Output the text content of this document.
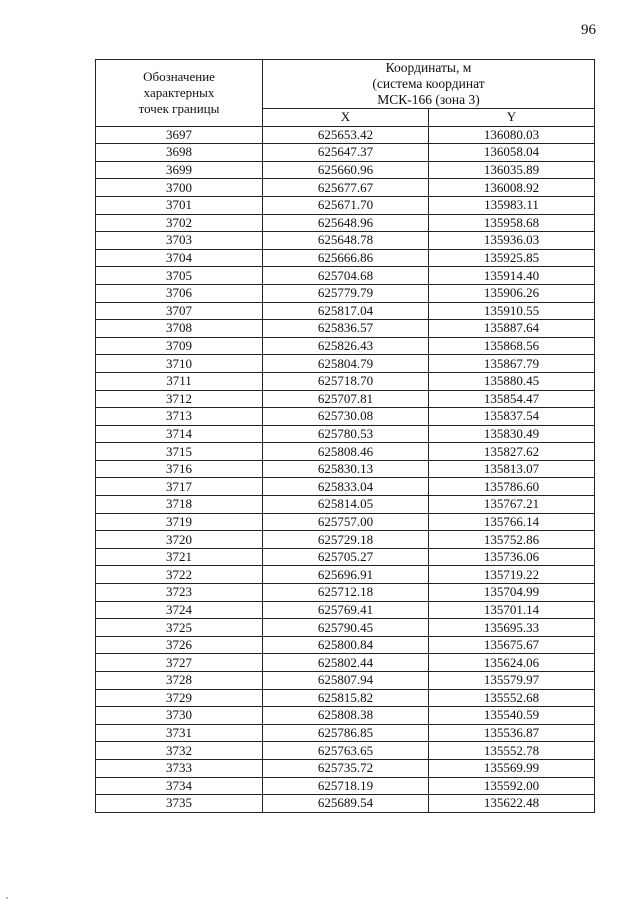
96
Обозначение
характерных
точек границы	Координаты, м
(система координат
МСК-166 (зона 3)	

	X	Y
3697	625653.42	136080.03
3698	625647.37	136058.04
3699	625660.96	136035.89
3700	625677.67	136008.92
3701	625671.70	135983.11
3702	625648.96	135958.68
3703	625648.78	135936.03
3704	625666.86	135925.85
3705	625704.68	135914.40
3706	625779.79	135906.26
3707	625817.04	135910.55
3708	625836.57	135887.64
3709	625826.43	135868.56
3710	625804.79	135867.79
3711	625718.70	135880.45
3712	625707.81	135854.47
3713	625730.08	135837.54
3714	625780.53	135830.49
3715	625808.46	135827.62
3716	625830.13	135813.07
3717	625833.04	135786.60
3718	625814.05	135767.21
3719	625757.00	135766.14
3720	625729.18	135752.86
3721	625705.27	135736.06
3722	625696.91	135719.22
3723	625712.18	135704.99
3724	625769.41	135701.14
3725	625790.45	135695.33
3726	625800.84	135675.67
3727	625802.44	135624.06
3728	625807.94	135579.97
3729	625815.82	135552.68
3730	625808.38	135540.59
3731	625786.85	135536.87
3732	625763.65	135552.78
3733	625735.72	135569.99
3734	625718.19	135592.00
3735	625689.54	135622.48
